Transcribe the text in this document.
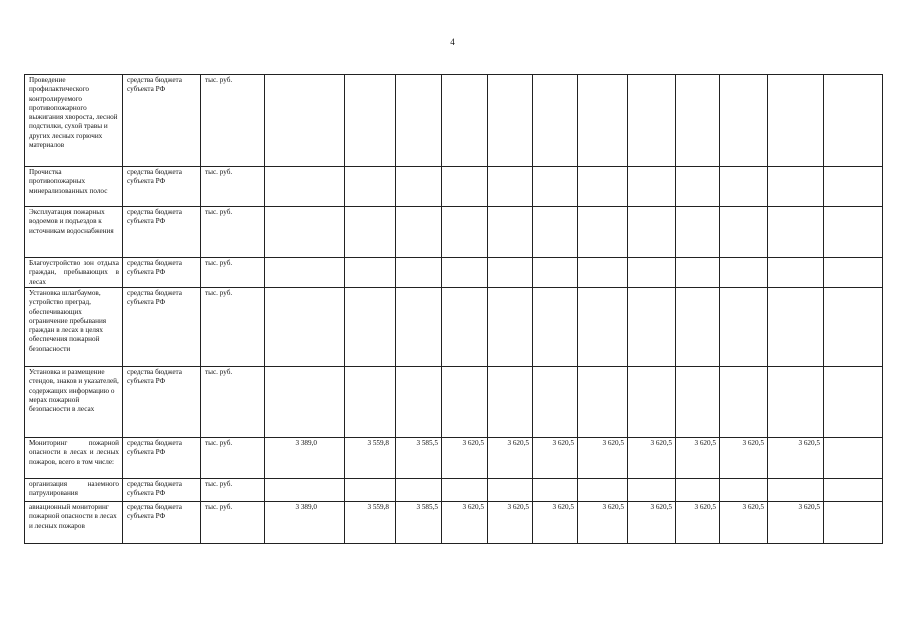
4
Проведение профилактического контролируемого противопожарного выжигания хвороста, лесной подстилки, сухой травы и других лесных горючих материалов	средства бюджета субъекта РФ	тыс. руб.													

Прочистка противопожарных минерализованных полос	средства бюджета субъекта РФ	тыс. руб.													

Эксплуатация пожарных водоемов и подъездов к источникам водоснабжения	средства бюджета субъекта РФ	тыс. руб.													

Благоустройство зон отдыха граждан, пребывающих в лесах	средства бюджета субъекта РФ	тыс. руб.													

Установка шлагбаумов, устройство преград, обеспечивающих ограничение пребывания граждан в лесах в целях обеспечения пожарной безопасности	средства бюджета субъекта РФ	тыс. руб.													

Установка и размещение стендов, знаков и указателей, содержащих информацию о мерах пожарной безопасности в лесах	средства бюджета субъекта РФ	тыс. руб.													

Мониторинг пожарной опасности в лесах и лесных пожаров, всего в том числе:	средства бюджета субъекта РФ	тыс. руб.	3 389,0	3 559,8	3 585,5	3 620,5	3 620,5	3 620,5	3 620,5	3 620,5	3 620,5	3 620,5	3 620,5

организация наземного патрулирования	средства бюджета субъекта РФ	тыс. руб.													

авиационный мониторинг пожарной опасности в лесах и лесных пожаров	средства бюджета субъекта РФ	тыс. руб.	3 389,0	3 559,8	3 585,5	3 620,5	3 620,5	3 620,5	3 620,5	3 620,5	3 620,5	3 620,5	3 620,5
